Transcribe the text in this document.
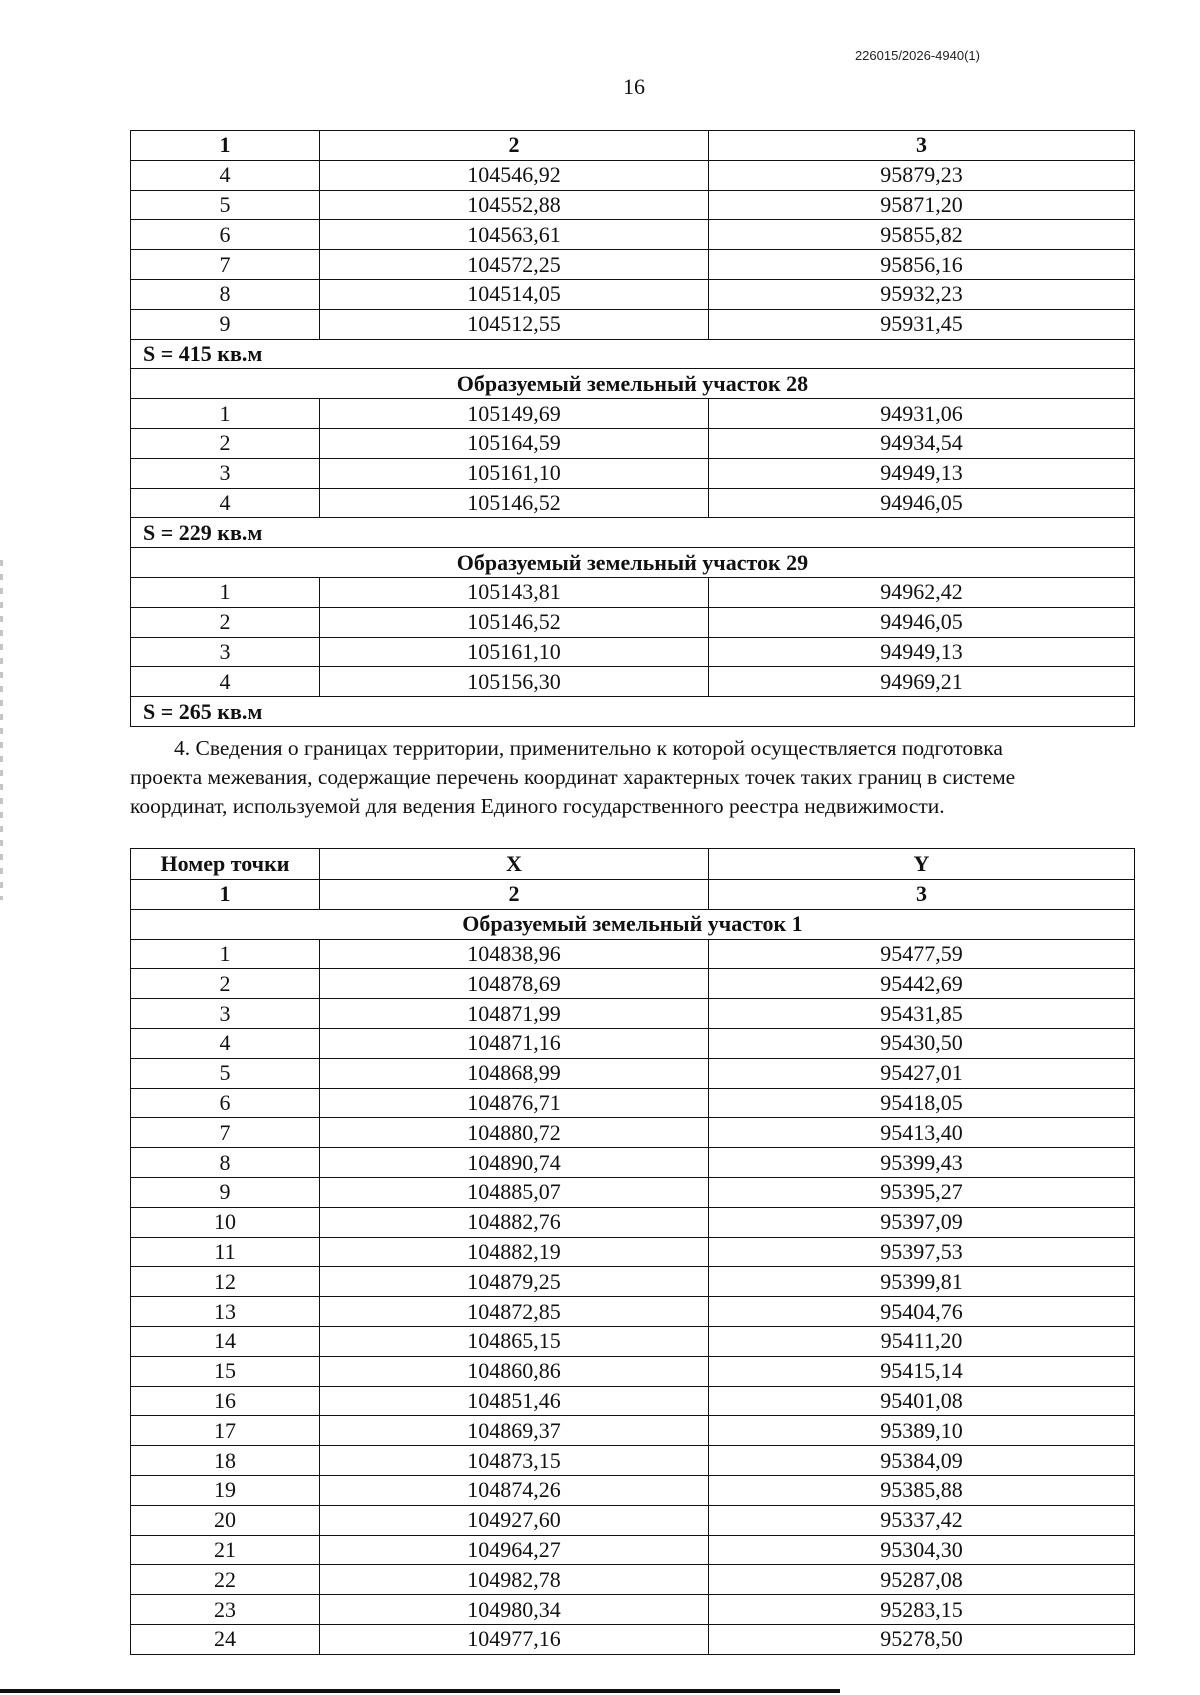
226015/2026-4940(1)
16
1	2	3
4	104546,92	95879,23
5	104552,88	95871,20
6	104563,61	95855,82
7	104572,25	95856,16
8	104514,05	95932,23
9	104512,55	95931,45
S = 415 кв.м		
Образуемый земельный участок 28		
1	105149,69	94931,06
2	105164,59	94934,54
3	105161,10	94949,13
4	105146,52	94946,05
S = 229 кв.м		
Образуемый земельный участок 29		
1	105143,81	94962,42
2	105146,52	94946,05
3	105161,10	94949,13
4	105156,30	94969,21
S = 265 кв.м		
4. Сведения о границах территории, применительно к которой осуществляется подготовка
проекта межевания, содержащие перечень координат характерных точек таких границ в системе
координат, используемой для ведения Единого государственного реестра недвижимости.
Номер точки	X	Y
1	2	3
Образуемый земельный участок 1		
1	104838,96	95477,59
2	104878,69	95442,69
3	104871,99	95431,85
4	104871,16	95430,50
5	104868,99	95427,01
6	104876,71	95418,05
7	104880,72	95413,40
8	104890,74	95399,43
9	104885,07	95395,27
10	104882,76	95397,09
11	104882,19	95397,53
12	104879,25	95399,81
13	104872,85	95404,76
14	104865,15	95411,20
15	104860,86	95415,14
16	104851,46	95401,08
17	104869,37	95389,10
18	104873,15	95384,09
19	104874,26	95385,88
20	104927,60	95337,42
21	104964,27	95304,30
22	104982,78	95287,08
23	104980,34	95283,15
24	104977,16	95278,50
